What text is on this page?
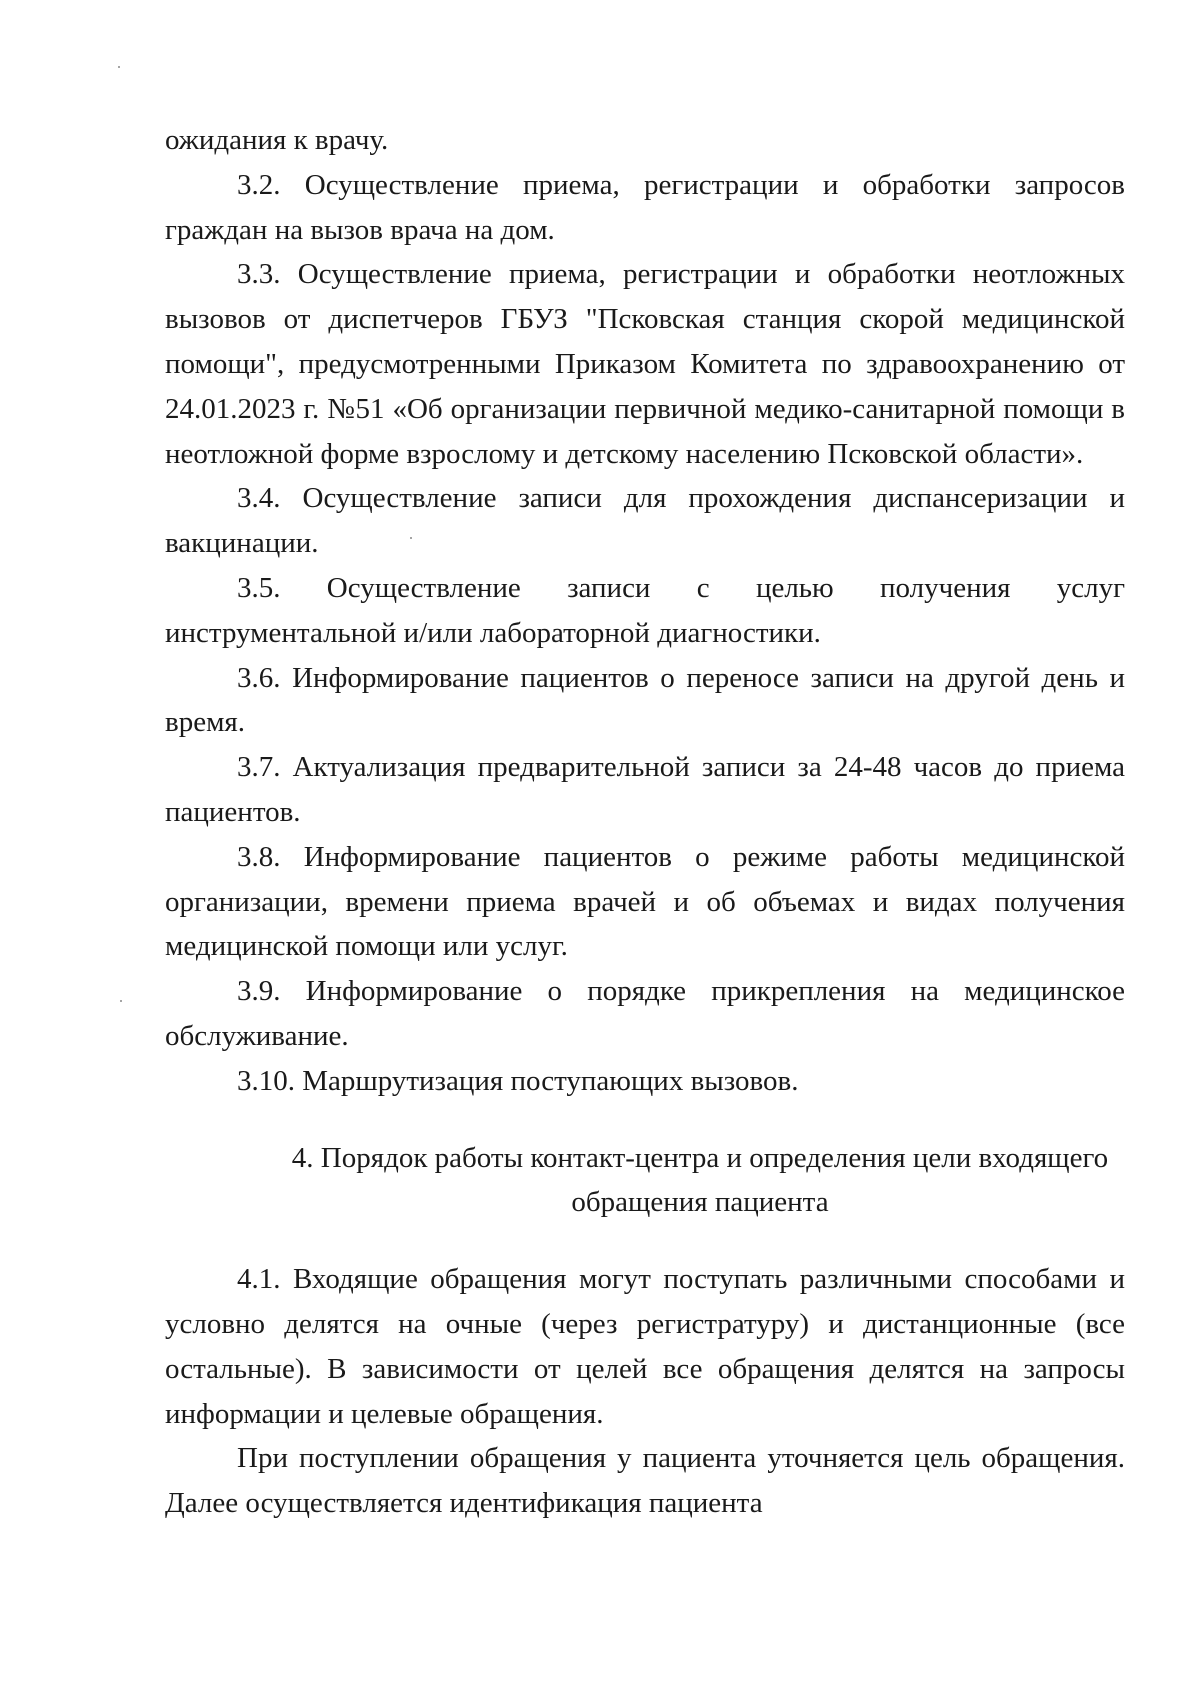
ожидания к врачу.

3.2. Осуществление приема, регистрации и обработки запросов граждан на вызов врача на дом.

3.3. Осуществление приема, регистрации и обработки неотложных вызовов от диспетчеров ГБУЗ "Псковская станция скорой медицинской помощи", предусмотренными Приказом Комитета по здравоохранению от 24.01.2023 г. №51 «Об организации первичной медико-санитарной помощи в неотложной форме взрослому и детскому населению Псковской области».

3.4. Осуществление записи для прохождения диспансеризации и вакцинации.

3.5. Осуществление записи с целью получения услуг инструментальной и/или лабораторной диагностики.

3.6. Информирование пациентов о переносе записи на другой день и время.

3.7. Актуализация предварительной записи за 24-48 часов до приема пациентов.

3.8. Информирование пациентов о режиме работы медицинской организации, времени приема врачей и об объемах и видах получения медицинской помощи или услуг.

3.9. Информирование о порядке прикрепления на медицинское обслуживание.

3.10. Маршрутизация поступающих вызовов.

4. Порядок работы контакт-центра и определения цели входящего
обращения пациента

4.1. Входящие обращения могут поступать различными способами и условно делятся на очные (через регистратуру) и дистанционные (все остальные). В зависимости от целей все обращения делятся на запросы информации и целевые обращения.

При поступлении обращения у пациента уточняется цель обращения. Далее осуществляется идентификация пациента
